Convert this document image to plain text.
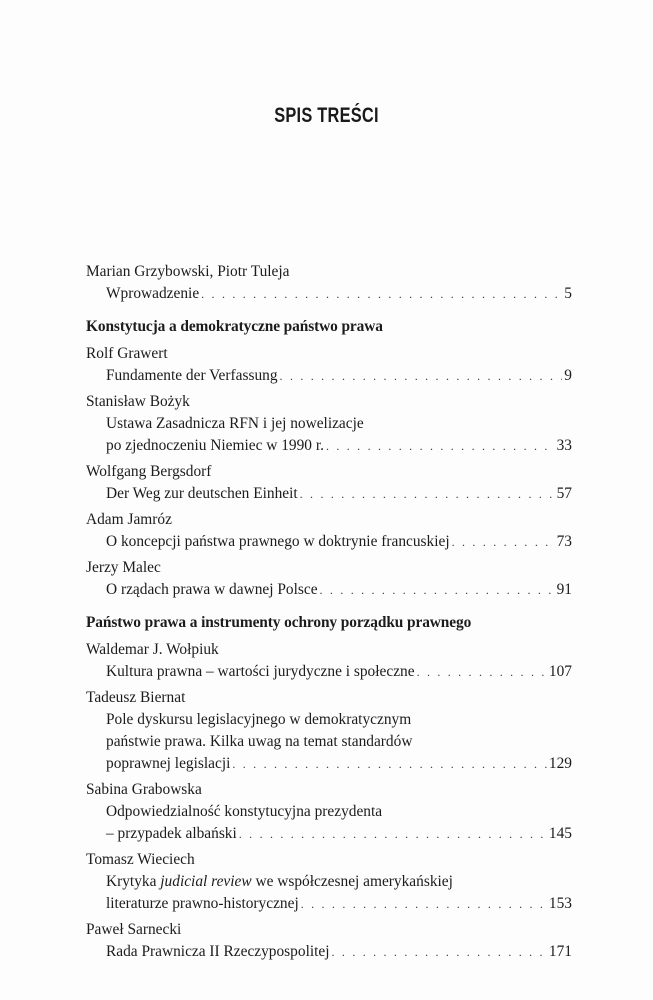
SPIS TREŚCI
Marian Grzybowski, Piotr Tuleja
Wprowadzenie . . .	5
Konstytucja a demokratyczne państwo prawa
Rolf Grawert
Fundamente der Verfassung . . .	9
Stanisław Bożyk
Ustawa Zasadnicza RFN i jej nowelizacje
po zjednoczeniu Niemiec w 1990 r. . . .	33
Wolfgang Bergsdorf
Der Weg zur deutschen Einheit . . .	57
Adam Jamróz
O koncepcji państwa prawnego w doktrynie francuskiej . . .	73
Jerzy Malec
O rządach prawa w dawnej Polsce . . .	91
Państwo prawa a instrumenty ochrony porządku prawnego
Waldemar J. Wołpiuk
Kultura prawna – wartości jurydyczne i społeczne . . .	107
Tadeusz Biernat
Pole dyskursu legislacyjnego w demokratycznym
państwie prawa. Kilka uwag na temat standardów
poprawnej legislacji . . .	129
Sabina Grabowska
Odpowiedzialność konstytucyjna prezydenta
– przypadek albański . . .	145
Tomasz Wieciech
Krytyka judicial review we współczesnej amerykańskiej
literaturze prawno-historycznej . . .	153
Paweł Sarnecki
Rada Prawnicza II Rzeczypospolitej . . .	171
